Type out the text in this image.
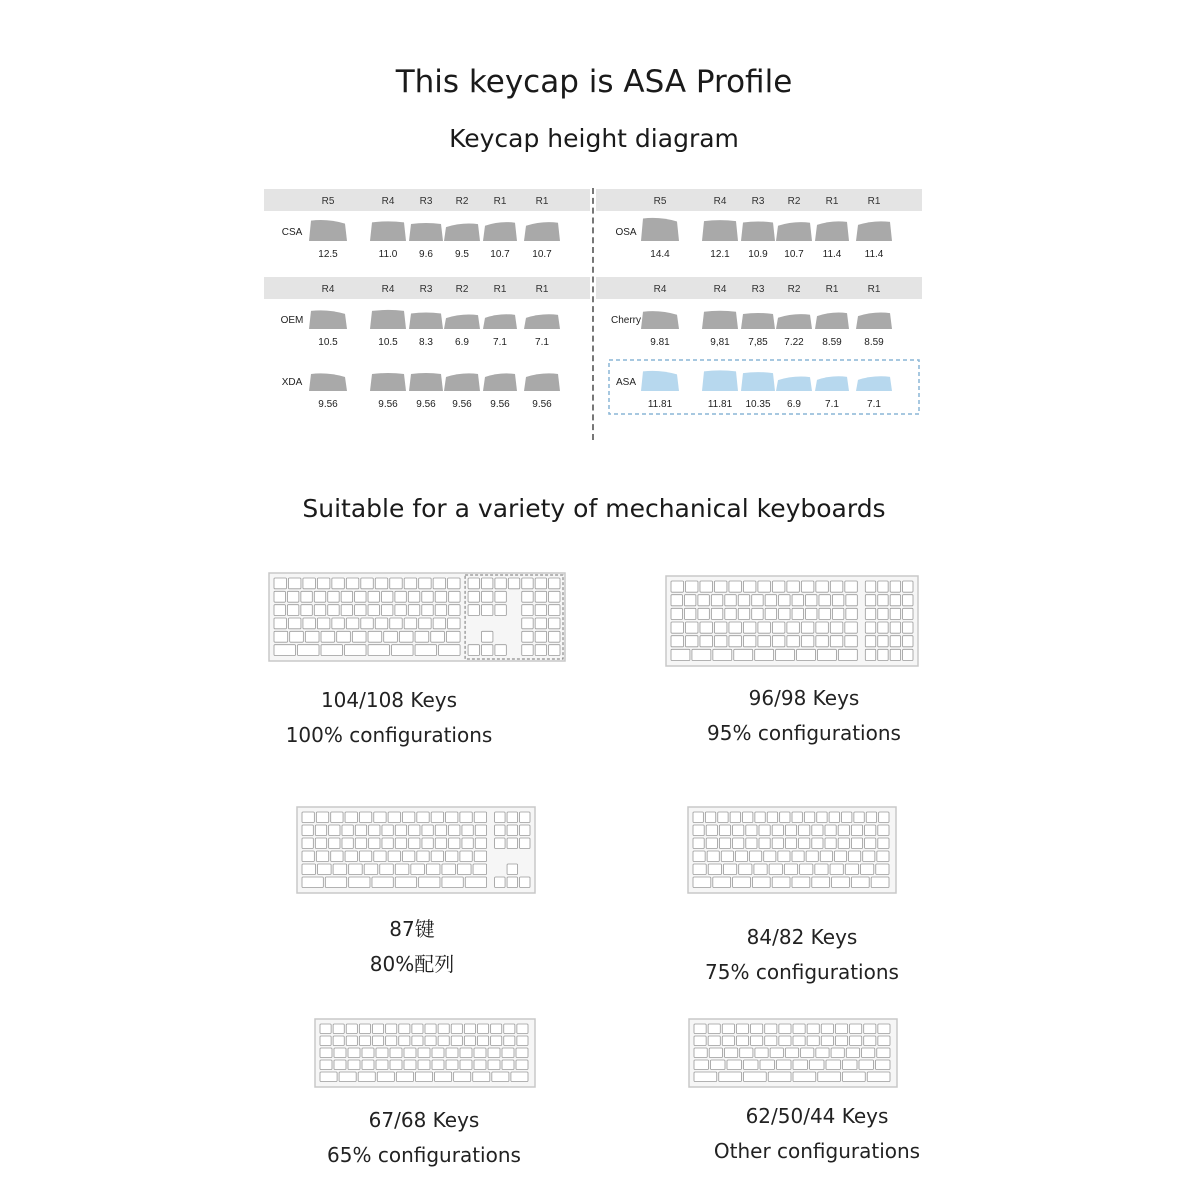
This keycap is ASA Profile
Keycap height diagram
R5	R4	R3 R2	R1	R1
CSA
12.5	11.0 9.6 9.5 10.7 10.7
R4	R4	R3 R2	R1	R1
OEM
10.5	10.5 8.3 6.9 7.1	7.1
XDA
9.56	9.56 9.56 9.56 9.56 9.56
R5	R4	R3 R2	R1	R1
OSA
14.4	12.1 10.9 10.7 11.4 11.4
R4	R4	R3 R2	R1	R1
Cherry
9.81	9,81 7,85 7.22 8.59 8.59
ASA
11.81	11.81 10.35 6.9 7.1	7.1
Suitable for a variety of mechanical keyboards
104/108 Keys
100% configurations
96/98 Keys
95% configurations
87键
80%配列
84/82 Keys
75% configurations
67/68 Keys
65% configurations
62/50/44 Keys
Other configurations
